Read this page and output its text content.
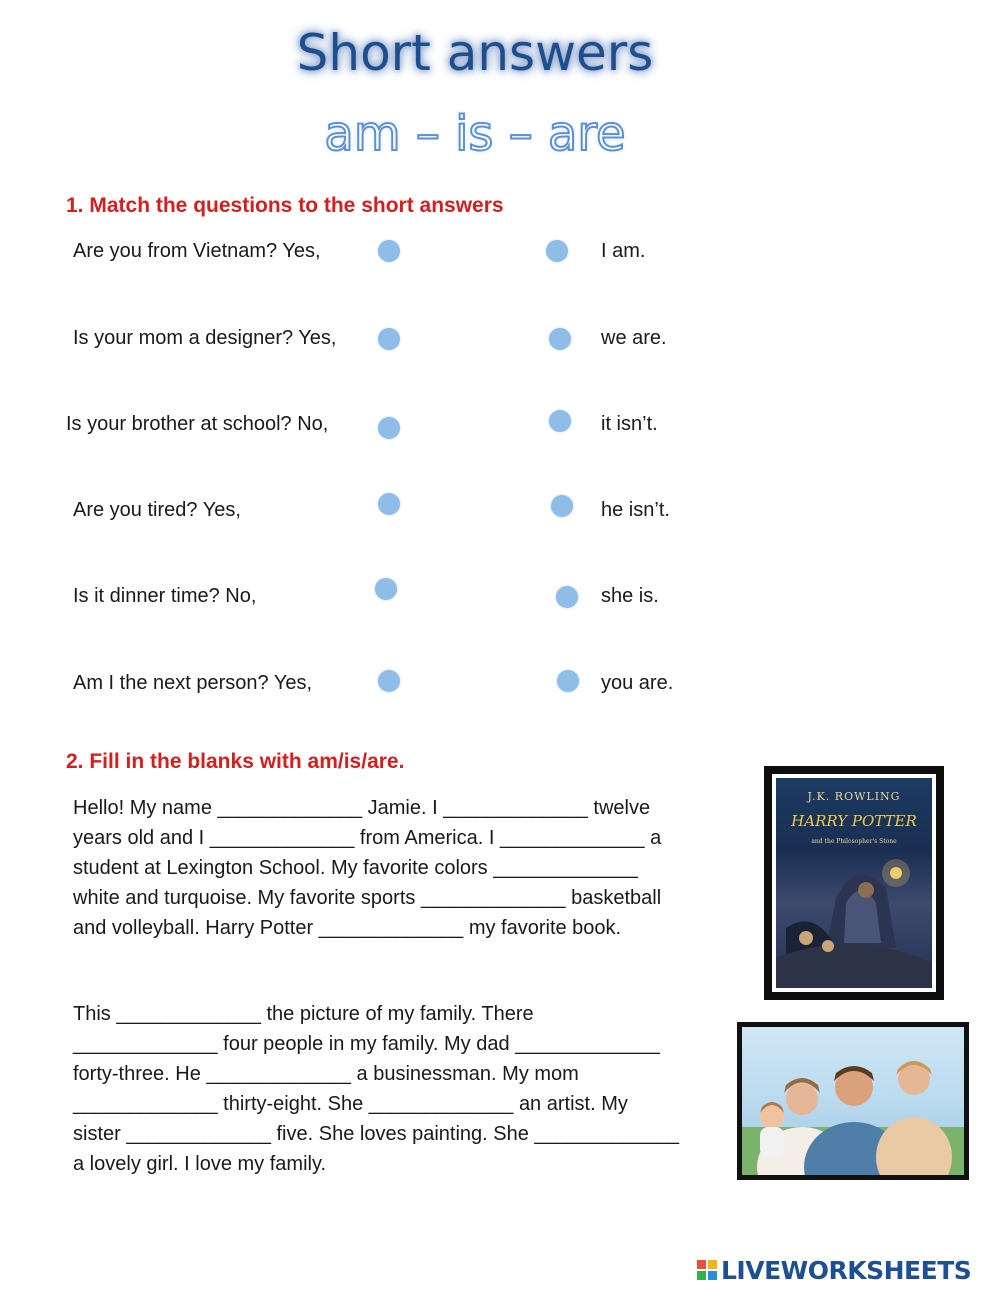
Short answers
am – is – are
1. Match the questions to the short answers
Are you from Vietnam? Yes,
Is your mom a designer? Yes,
Is your brother at school? No,
Are you tired? Yes,
Is it dinner time? No,
Am I the next person? Yes,
I am.
we are.
it isn’t.
he isn’t.
she is.
you are.
2. Fill in the blanks with am/is/are.
Hello! My name _____________ Jamie. I _____________ twelve
years old and I _____________ from America. I _____________ a
student at Lexington School. My favorite colors _____________
white and turquoise. My favorite sports _____________ basketball
and volleyball. Harry Potter _____________ my favorite book.
This _____________ the picture of my family. There
_____________ four people in my family. My dad _____________
forty-three. He _____________ a businessman. My mom
_____________ thirty-eight. She _____________ an artist. My
sister _____________ five. She loves painting. She _____________
a lovely girl. I love my family.
J.K. ROWLING
HARRY POTTER
and the Philosopher's Stone
LIVEWORKSHEETS
